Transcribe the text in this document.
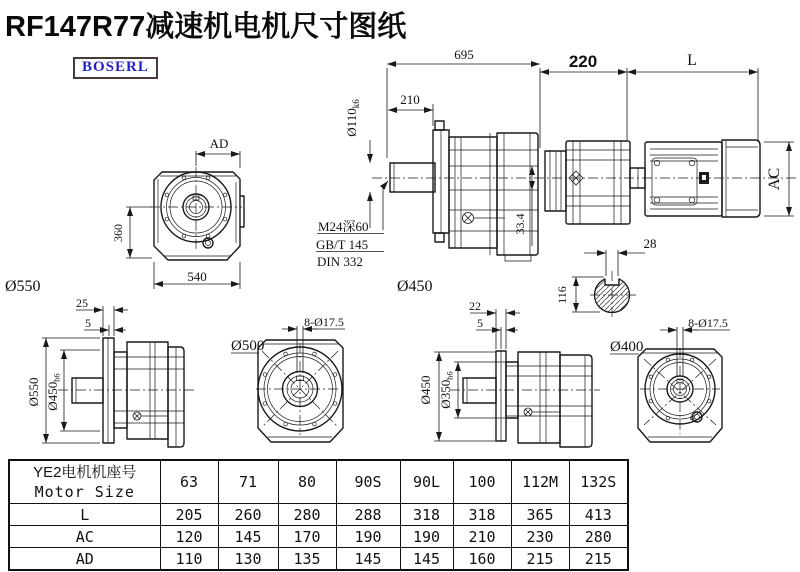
RF147R77减速机电机尺寸图纸
BOSERL
AD
360
540
Ø550
695
210
$Ø110_{k6}$
M24深60
GB/T 145
DIN 332
33.4
Ø450
220	L
AC
28
116
25
5
Ø550 Ø450h6
8-Ø17.5
Ø500
22
5
Ø450 Ø350h6
8-Ø17.5
Ø400
YE2电机机座号
Motor Size	63	71	80	90S	90L	100	112M	132S
L	205	260	280	288	318	318	365	413
AC	120	145	170	190	190	210	230	280
AD	110	130	135	145	145	160	215	215
